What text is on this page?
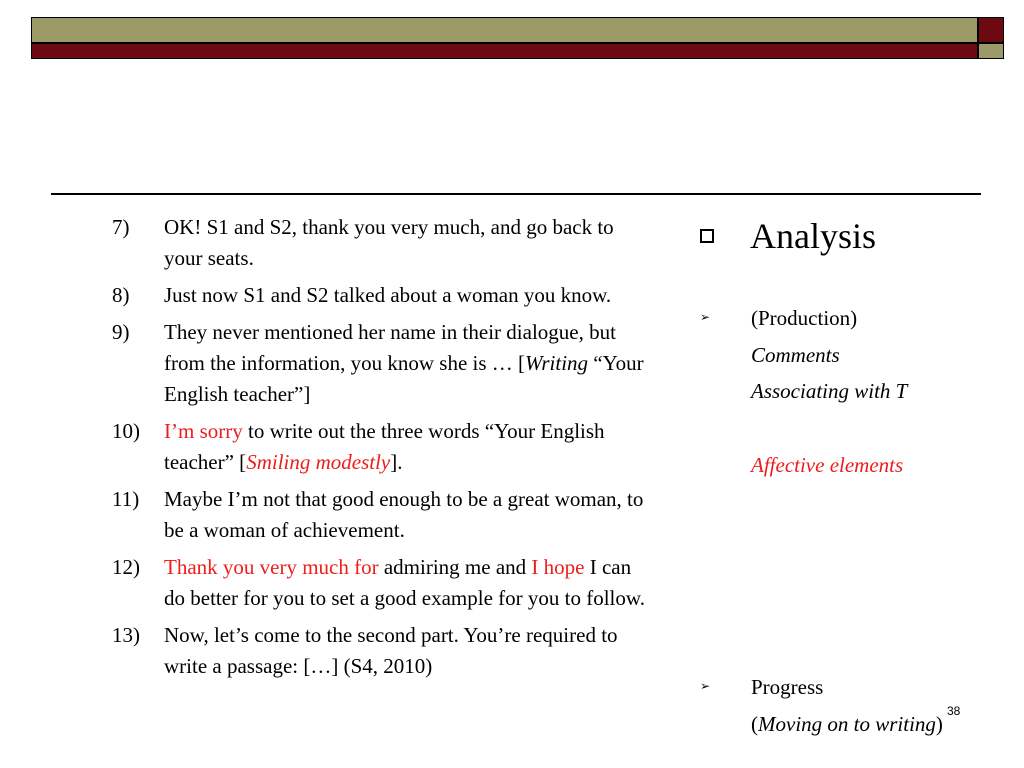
7)	OK! S1 and S2, thank you very much, and go back to your seats.
8)	Just now S1 and S2 talked about a woman you know.
9)	They never mentioned her name in their dialogue, but from the information, you know she is … [Writing “Your English teacher”]
10)	I’m sorry to write out the three words “Your English teacher” [Smiling modestly].
11)	Maybe I’m not that good enough to be a great woman, to be a woman of achievement.
12)	Thank you very much for admiring me and I hope I can do better for you to set a good example for you to follow.
13)	Now, let’s come to the second part. You’re required to write a passage: […] (S4, 2010)
Analysis
➢ (Production)
Comments
Associating with T
Affective elements
➢ Progress
(Moving on to writing)
38
